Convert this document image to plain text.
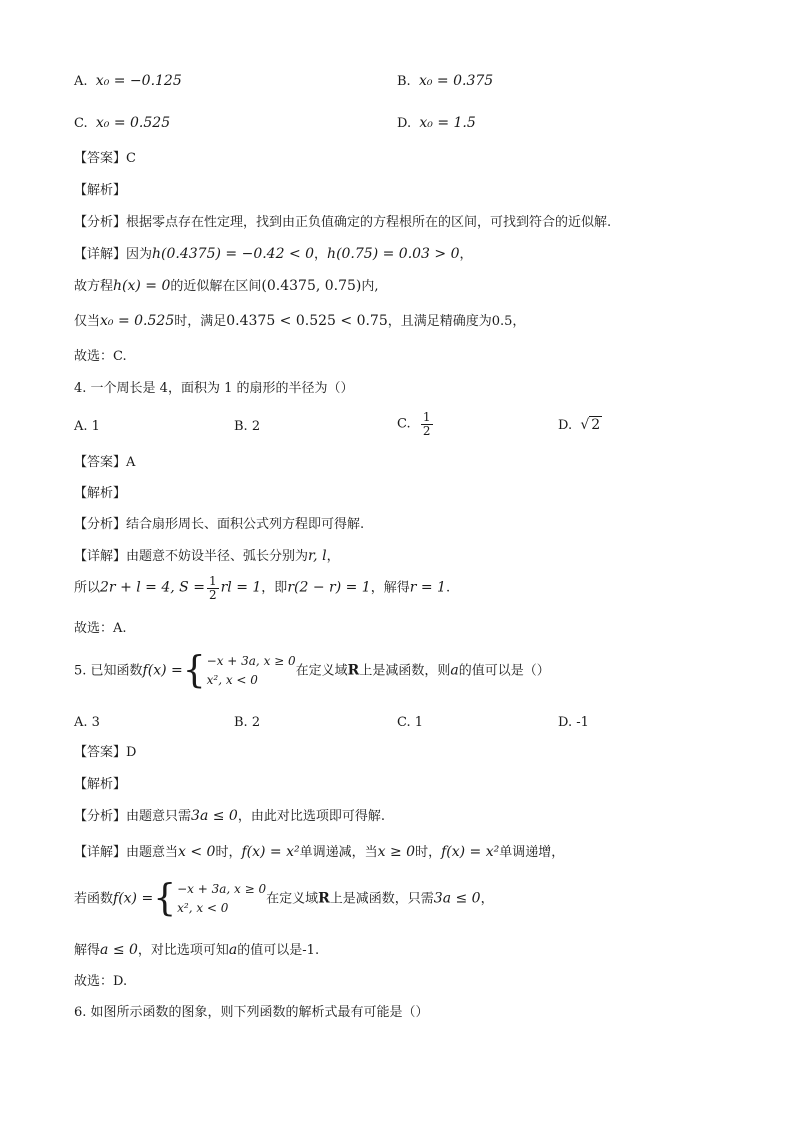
A. x₀ = −0.125	B. x₀ = 0.375
C. x₀ = 0.525	D. x₀ = 1.5
【答案】C
【解析】
【分析】根据零点存在性定理，找到由正负值确定的方程根所在的区间，可找到符合的近似解.
【详解】因为h(0.4375) = −0.42 < 0，h(0.75) = 0.03 > 0，
故方程h(x) = 0的近似解在区间(0.4375, 0.75)内,
仅当x₀ = 0.525时，满足0.4375 < 0.525 < 0.75，且满足精确度为0.5，
故选：C.
4. 一个周长是 4，面积为 1 的扇形的半径为（）
A. 1	B. 2	C. $\frac{1}{2}$	D. √ 2
【答案】A
【解析】
【分析】结合扇形周长、面积公式列方程即可得解.
【详解】由题意不妨设半径、弧长分别为r, l，
所以2r + l = 4, $S = \frac{1}{2}$ rl = 1，即r(2 − r) = 1，解得r = 1.
故选：A.
5. 已知函数f(x) ={ −x + 3a, x ≥ 0
x², x < 0
在定义域R上是减函数，则a的值可以是（）
A. 3	B. 2	C. 1	D. -1
【答案】D
【解析】
【分析】由题意只需3a ≤ 0，由此对比选项即可得解.
【详解】由题意当x < 0时，f(x) = x²单调递减，当x ≥ 0时，f(x) = x²单调递增，
若函数f(x) ={ −x + 3a, x ≥ 0
x², x < 0
在定义域R上是减函数，只需3a ≤ 0，
解得a ≤ 0，对比选项可知a的值可以是-1.
故选：D.
6. 如图所示函数的图象，则下列函数的解析式最有可能是（）
